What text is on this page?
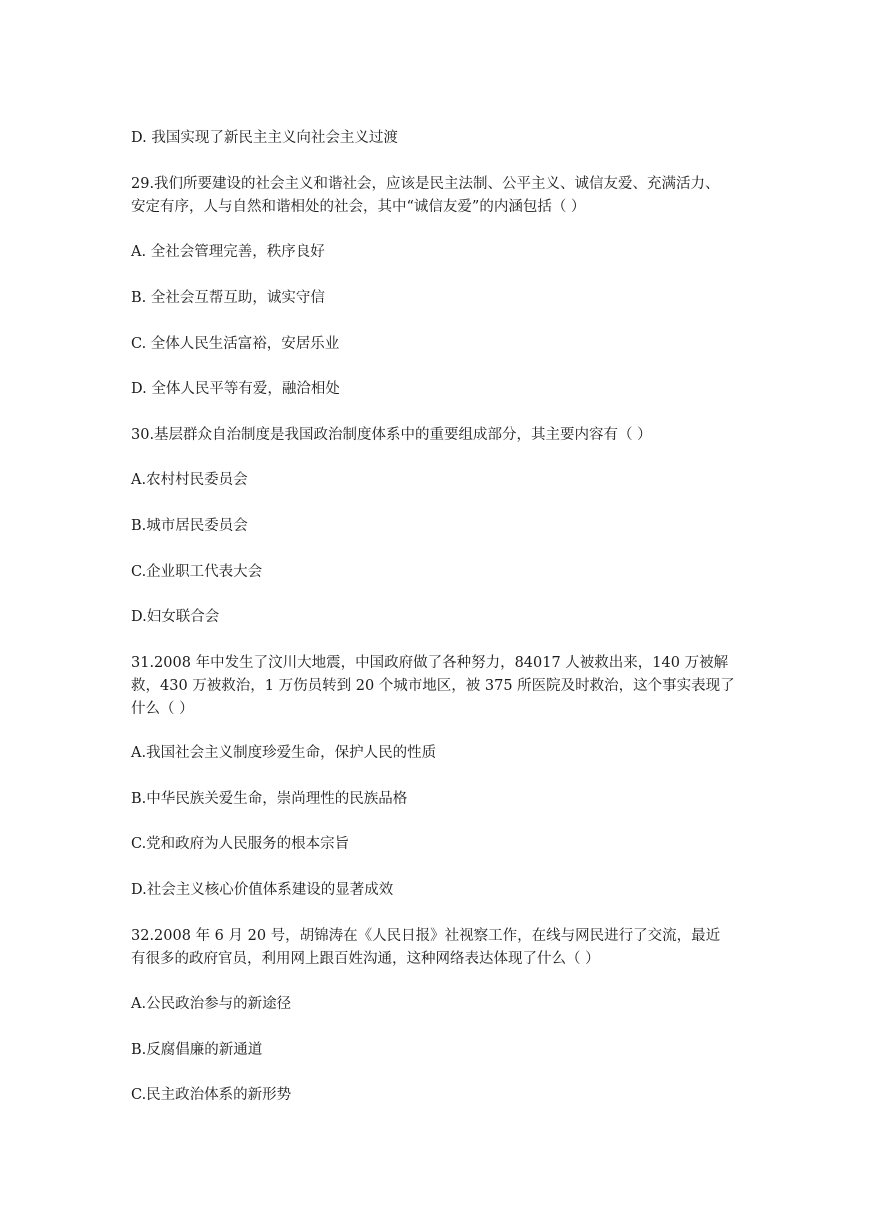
D. 我国实现了新民主主义向社会主义过渡
29.我们所要建设的社会主义和谐社会，应该是民主法制、公平主义、诚信友爱、充满活力、
安定有序，人与自然和谐相处的社会，其中“诚信友爱”的内涵包括（ ）
A. 全社会管理完善，秩序良好
B. 全社会互帮互助，诚实守信
C. 全体人民生活富裕，安居乐业
D. 全体人民平等有爱，融洽相处
30.基层群众自治制度是我国政治制度体系中的重要组成部分，其主要内容有（ ）
A.农村村民委员会
B.城市居民委员会
C.企业职工代表大会
D.妇女联合会
31.2008 年中发生了汶川大地震，中国政府做了各种努力，84017 人被救出来，140 万被解
救，430 万被救治，1 万伤员转到 20 个城市地区，被 375 所医院及时救治，这个事实表现了
什么（ ）
A.我国社会主义制度珍爱生命，保护人民的性质
B.中华民族关爱生命，崇尚理性的民族品格
C.党和政府为人民服务的根本宗旨
D.社会主义核心价值体系建设的显著成效
32.2008 年 6 月 20 号，胡锦涛在《人民日报》社视察工作，在线与网民进行了交流，最近
有很多的政府官员，利用网上跟百姓沟通，这种网络表达体现了什么（ ）
A.公民政治参与的新途径
B.反腐倡廉的新通道
C.民主政治体系的新形势
